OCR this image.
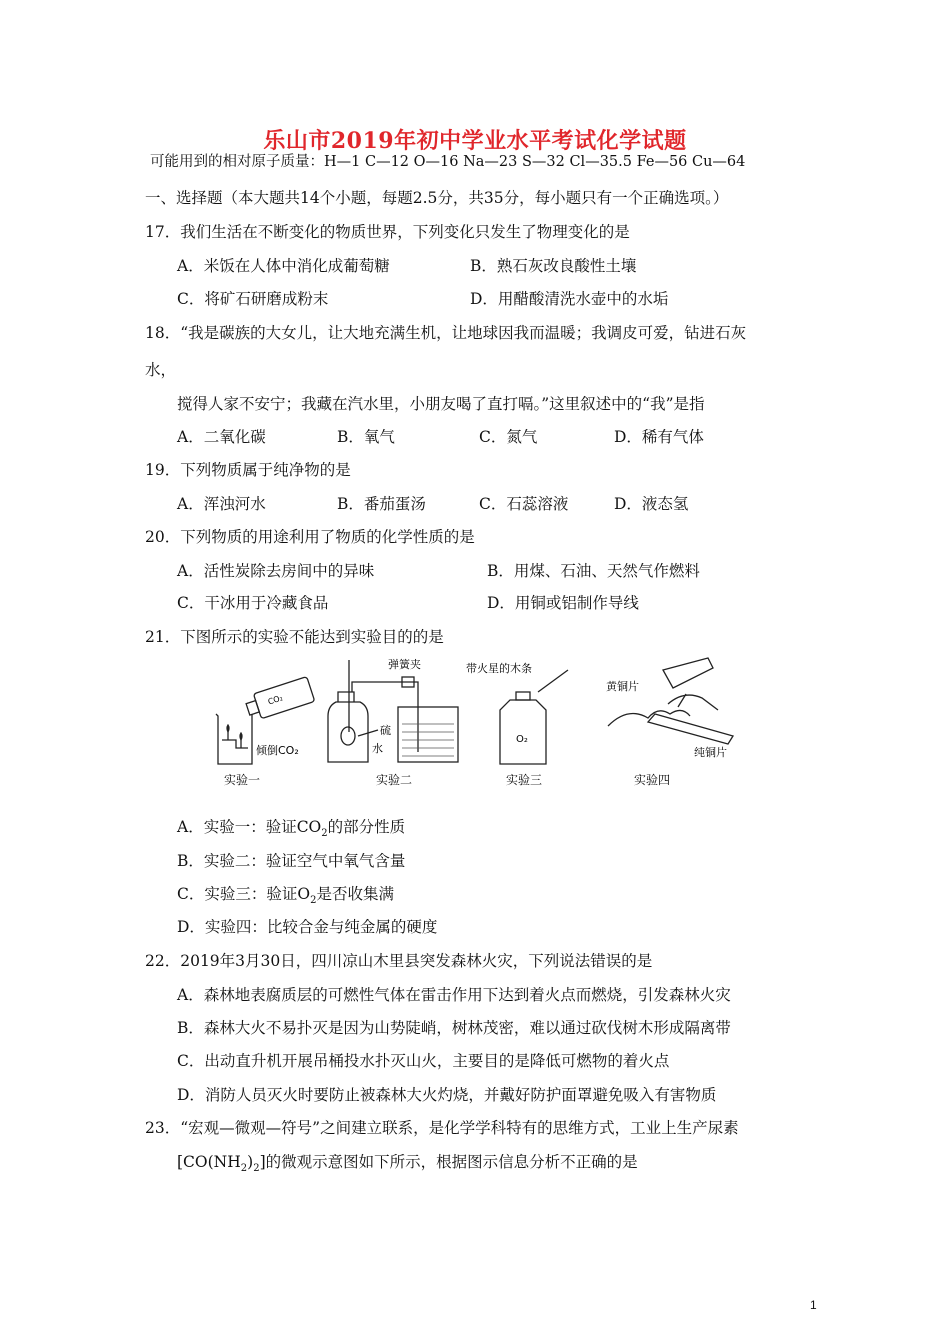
乐山市2019年初中学业水平考试化学试题
可能用到的相对原子质量：H—1 C—12 O—16 Na—23 S—32 Cl—35.5 Fe—56 Cu—64
一、选择题（本大题共14个小题，每题2.5分，共35分，每小题只有一个正确选项。）
17．我们生活在不断变化的物质世界，下列变化只发生了物理变化的是
A．米饭在人体中消化成葡萄糖	B．熟石灰改良酸性土壤
C．将矿石研磨成粉末	D．用醋酸清洗水壶中的水垢
18．“我是碳族的大女儿，让大地充满生机，让地球因我而温暖；我调皮可爱，钻进石灰
水，
搅得人家不安宁；我藏在汽水里，小朋友喝了直打嗝。”这里叙述中的“我”是指
A．二氧化碳	B．氧气	C．氮气	D．稀有气体
19．下列物质属于纯净物的是
A．浑浊河水	B．番茄蛋汤	C．石蕊溶液	D．液态氢
20．下列物质的用途利用了物质的化学性质的是
A．活性炭除去房间中的异味	B．用煤、石油、天然气作燃料
C．干冰用于冷藏食品	D．用铜或铝制作导线
21．下图所示的实验不能达到实验目的的是
CO₂
倾倒CO₂
实验一
弹簧夹
硫
水
实验二
带火星的木条
O₂
实验三
黄铜片
纯铜片
实验四
A．实验一：验证$CO_2$的部分性质
B．实验二：验证空气中氧气含量
C．实验三：验证$O_2$是否收集满
D．实验四：比较合金与纯金属的硬度
22．2019年3月30日，四川凉山木里县突发森林火灾，下列说法错误的是
A．森林地表腐质层的可燃性气体在雷击作用下达到着火点而燃烧，引发森林火灾
B．森林大火不易扑灭是因为山势陡峭，树林茂密，难以通过砍伐树木形成隔离带
C．出动直升机开展吊桶投水扑灭山火，主要目的是降低可燃物的着火点
D．消防人员灭火时要防止被森林大火灼烧，并戴好防护面罩避免吸入有害物质
23．“宏观—微观—符号”之间建立联系，是化学学科特有的思维方式，工业上生产尿素
$[CO(NH_2)_2]$的微观示意图如下所示，根据图示信息分析不正确的是
1
